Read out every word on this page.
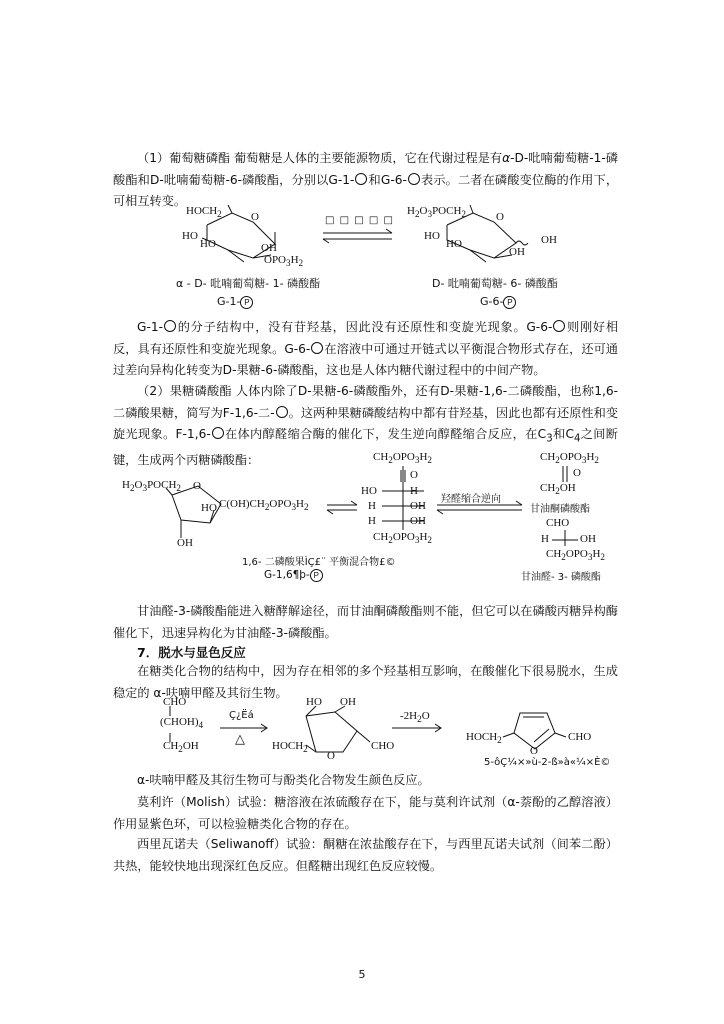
（1）葡萄糖磷酯 葡萄糖是人体的主要能源物质，它在代谢过程是有α-D-吡喃葡萄糖-1-磷酸酯和D-吡喃葡萄糖-6-磷酸酯，分别以G-1- 和G-6- 表示。二者在磷酸变位酶的作用下，可相互转变。

$HOCH_2$	O
HO
HO	OH
$OPO_3H_2$
□ □ □ □ □
$H_2O_3POCH_2$	O
HO
HO
OH
OH
α - D- 吡喃葡萄糖- 1- 磷酸酯	D- 吡喃葡萄糖- 6- 磷酸酯
G-1- P	G-6- P

G-1- 的分子结构中，没有苷羟基，因此没有还原性和变旋光现象。G-6- 则刚好相反，具有还原性和变旋光现象。G-6- 在溶液中可通过开链式以平衡混合物形式存在，还可通过差向异构化转变为D-果糖-6-磷酸酯，这也是人体内糖代谢过程中的中间产物。

（2）果糖磷酸酯 人体内除了D-果糖-6-磷酸酯外，还有D-果糖-1,6-二磷酸酯，也称1,6-二磷酸果糖，简写为F-1,6-二- 。这两种果糖磷酸结构中都有苷羟基，因此也都有还原性和变旋光现象。F-1,6- 在体内醇醛缩合酶的催化下，发生逆向醇醛缩合反应，在$C_3$和$C_4$之间断键，生成两个丙糖磷酸酯：

$H_2O_3POCH_2$ O
HO $C(OH)CH_2OPO_3H_2$
OH
$CH_2OPO_3H_2$
O
HO	H
H	OH
H	OH
$CH_2OPO_3H_2$
羟醛缩合逆向
$CH_2OPO_3H_2$
O
$CH_2OH$
甘油酮磷酸酯
CHO
H	OH
$CH_2OPO_3H_2$
甘油醛- 3- 磷酸酯
1,6- 二磷酸果ÌÇ£¨ 平衡混合物£©
G-1,6¶þ- P

甘油醛-3-磷酸酯能进入糖酵解途径，而甘油酮磷酸酯则不能，但它可以在磷酸丙糖异构酶催化下，迅速异构化为甘油醛-3-磷酸酯。

7．脱水与显色反应

在糖类化合物的结构中，因为存在相邻的多个羟基相互影响，在酸催化下很易脱水，生成稳定的 α-呋喃甲醛及其衍生物。

CHO
$(CHOH)_4$
$CH_2OH$
Ç¿Ëá
△
HO OH
$HOCH_2$
O
CHO
$-2H_2O$
$HOCH_2$
O
CHO
5-ôÇ¼×»ù-2-ß»à«¼×È©

α-呋喃甲醛及其衍生物可与酚类化合物发生颜色反应。

莫利许（Molish）试验：糖溶液在浓硫酸存在下，能与莫利许试剂（α-萘酚的乙醇溶液）作用显紫色环，可以检验糖类化合物的存在。

西里瓦诺夫（Seliwanoff）试验：酮糖在浓盐酸存在下，与西里瓦诺夫试剂（间苯二酚）共热，能较快地出现深红色反应。但醛糖出现红色反应较慢。

5
